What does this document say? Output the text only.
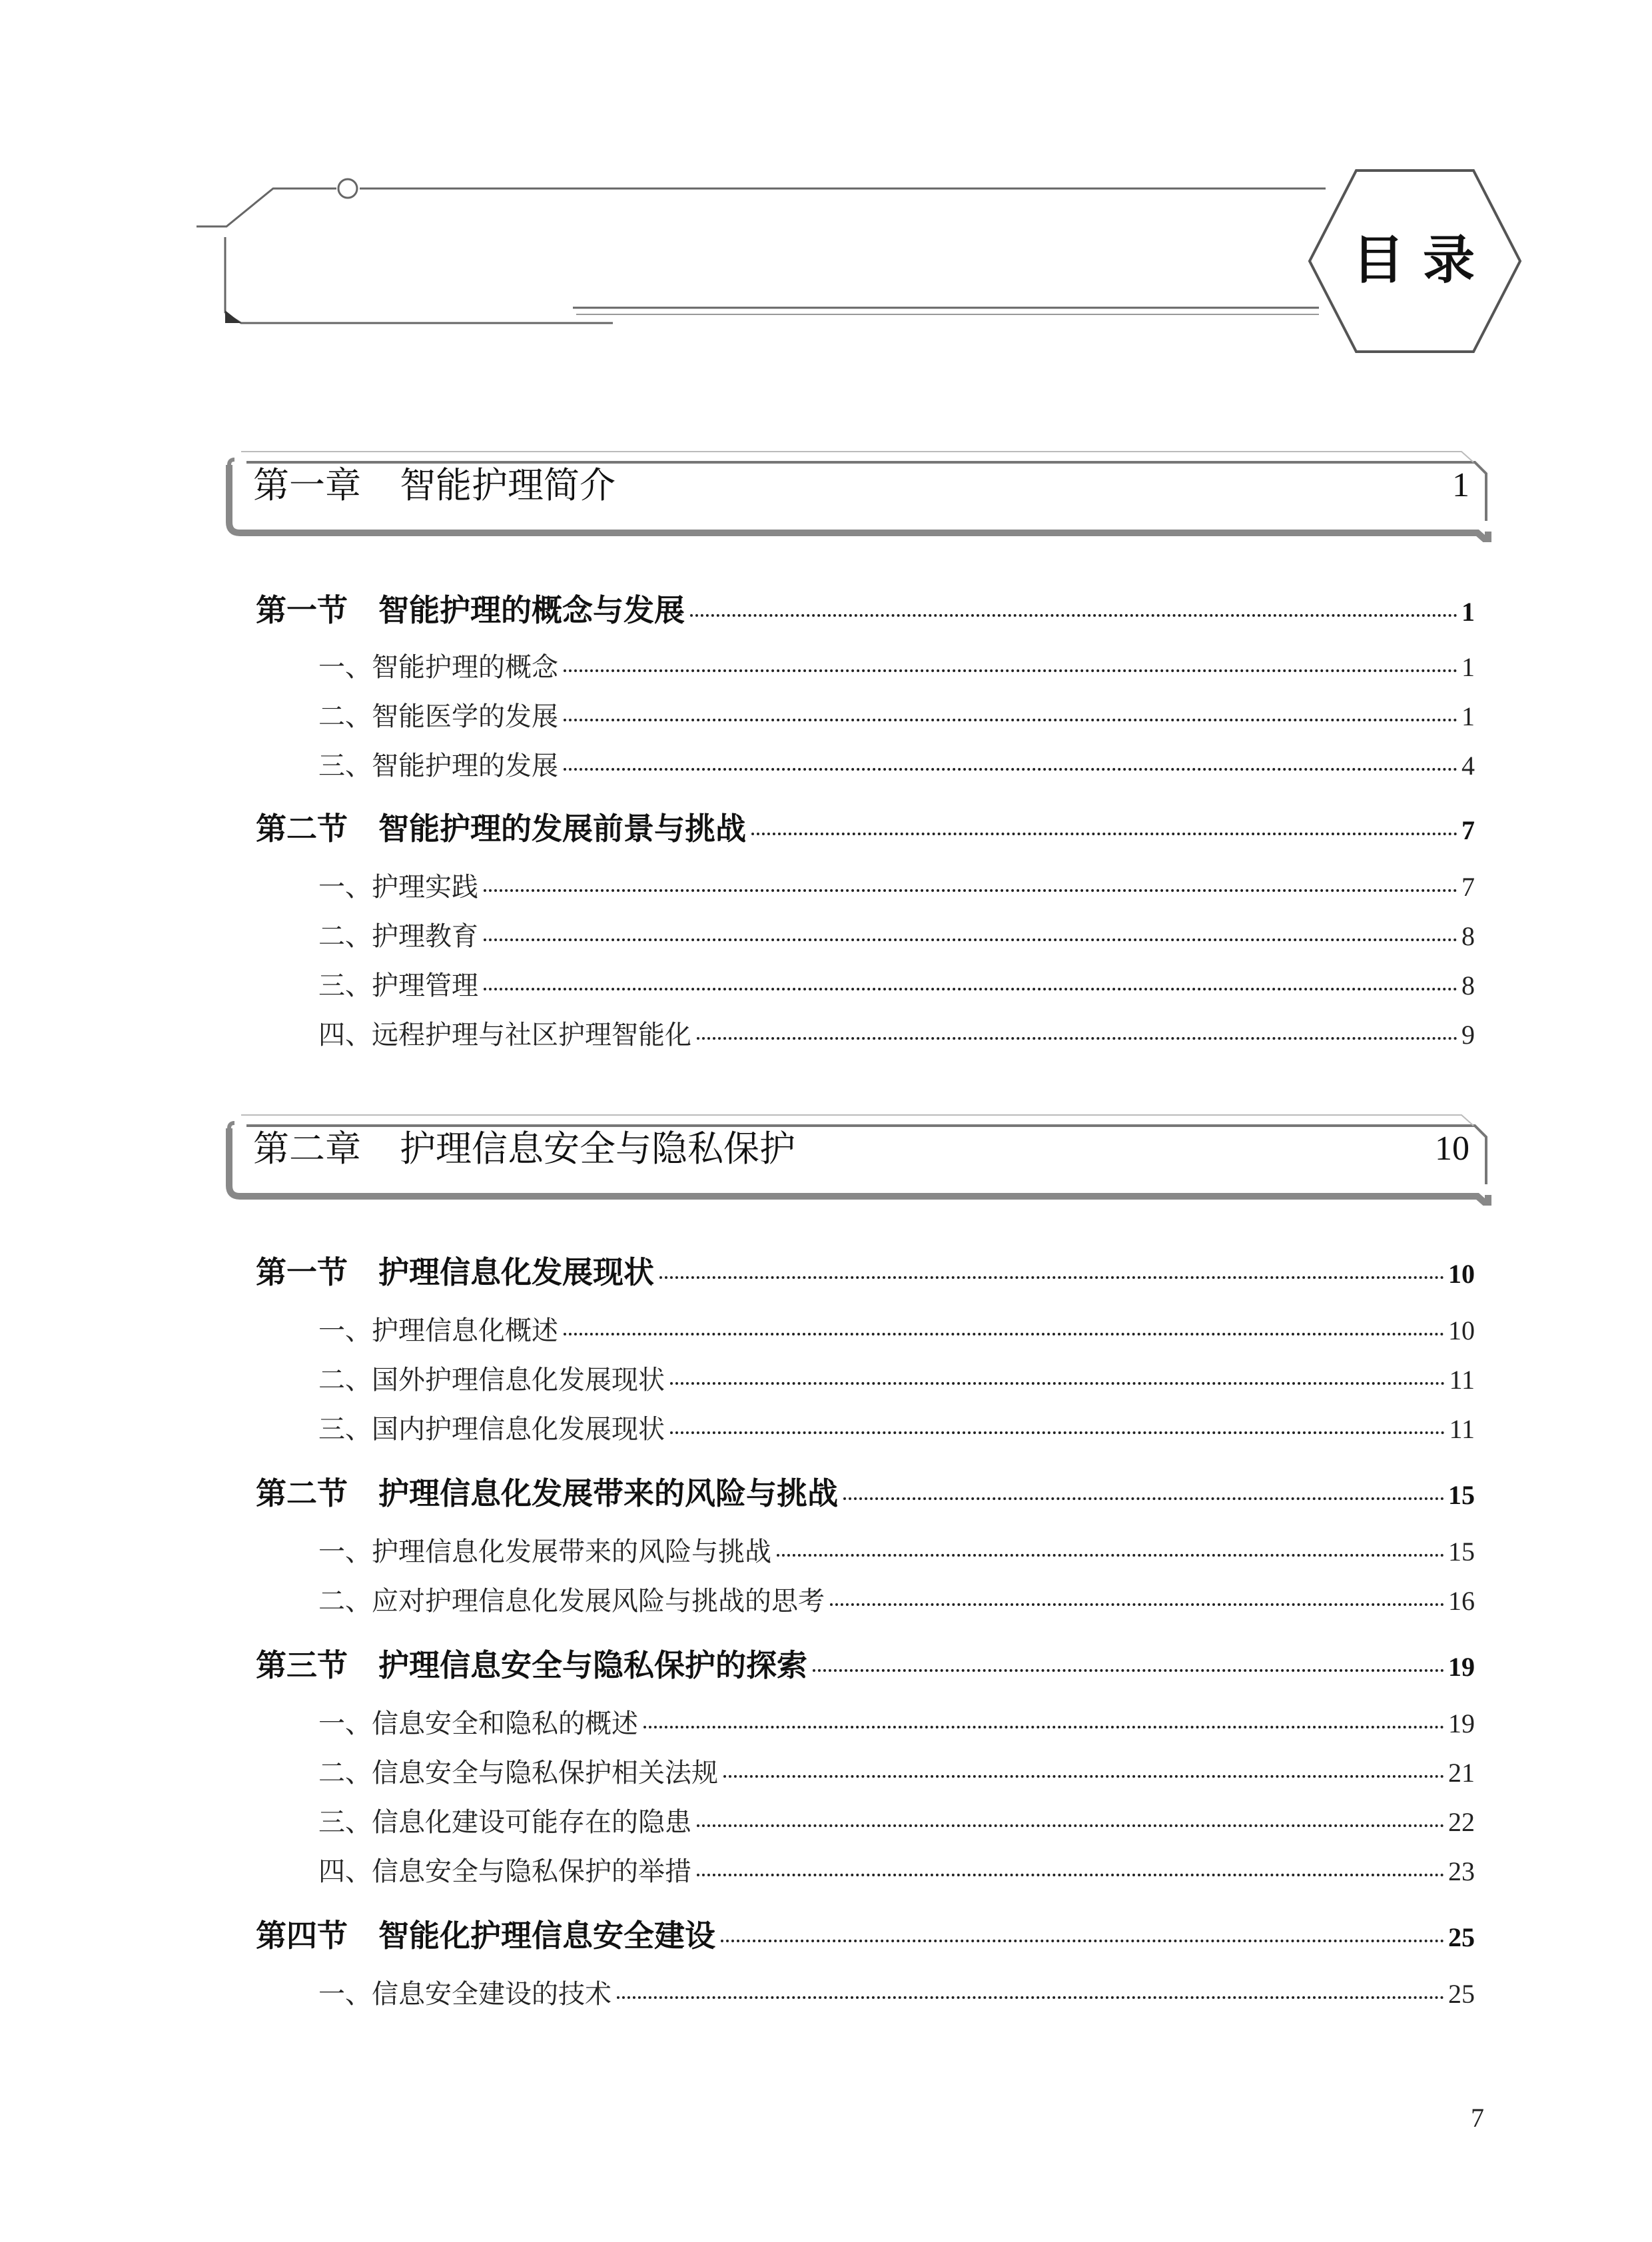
目 录
第一章 智能护理简介	1
第一节 智能护理的概念与发展	1
一、智能护理的概念	1
二、智能医学的发展	1
三、智能护理的发展	4
第二节 智能护理的发展前景与挑战	7
一、护理实践	7
二、护理教育	8
三、护理管理	8
四、远程护理与社区护理智能化	9
第二章 护理信息安全与隐私保护	10
第一节 护理信息化发展现状	10
一、护理信息化概述	10
二、国外护理信息化发展现状	11
三、国内护理信息化发展现状	11
第二节 护理信息化发展带来的风险与挑战	15
一、护理信息化发展带来的风险与挑战	15
二、应对护理信息化发展风险与挑战的思考	16
第三节 护理信息安全与隐私保护的探索	19
一、信息安全和隐私的概述	19
二、信息安全与隐私保护相关法规	21
三、信息化建设可能存在的隐患	22
四、信息安全与隐私保护的举措	23
第四节 智能化护理信息安全建设	25
一、信息安全建设的技术	25
7
